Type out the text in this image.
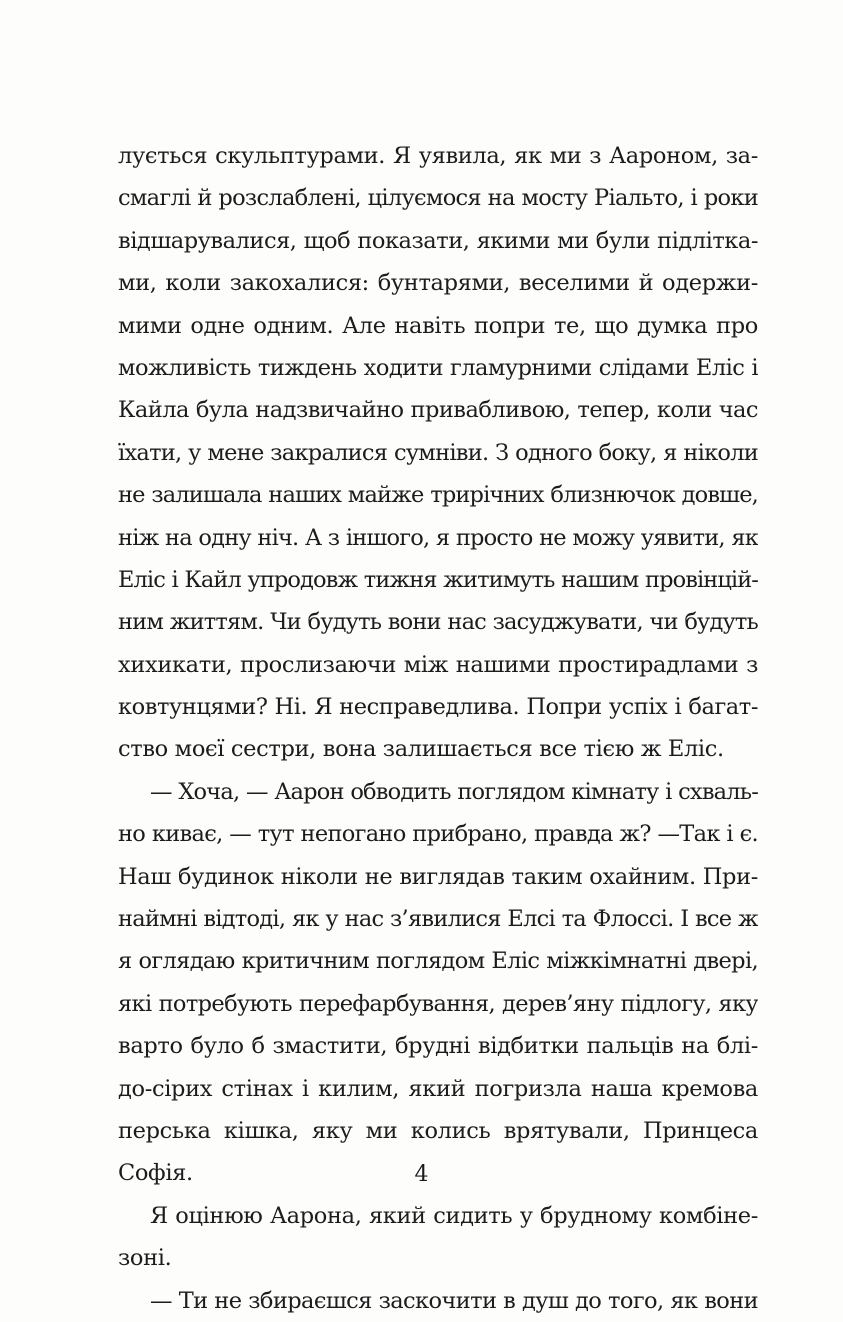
лується скульптурами. Я уявила, як ми з Аароном, за-
смаглі й розслаблені, цілуємося на мосту Ріальто, і роки
відшарувалися, щоб показати, якими ми були підлітка-
ми, коли закохалися: бунтарями, веселими й одержи-
мими одне одним. Але навіть попри те, що думка про
можливість тиждень ходити гламурними слідами Еліс і
Кайла була надзвичайно привабливою, тепер, коли час
їхати, у мене закралися сумніви. З одного боку, я ніколи
не залишала наших майже трирічних близнючок довше,
ніж на одну ніч. А з іншого, я просто не можу уявити, як
Еліс і Кайл упродовж тижня житимуть нашим провінцій-
ним життям. Чи будуть вони нас засуджувати, чи будуть
хихикати, прослизаючи між нашими простирадлами з
ковтунцями? Ні. Я несправедлива. Попри успіх і багат-
ство моєї сестри, вона залишається все тією ж Еліс.
— Хоча, — Аарон обводить поглядом кімнату і схваль-
но киває, — тут непогано прибрано, правда ж? —Так і є.
Наш будинок ніколи не виглядав таким охайним. При-
наймні відтоді, як у нас з’явилися Елсі та Флоссі. І все ж
я оглядаю критичним поглядом Еліс міжкімнатні двері,
які потребують перефарбування, дерев’яну підлогу, яку
варто було б змастити, брудні відбитки пальців на блі-
до-сірих стінах і килим, який погризла наша кремова
перська кішка, яку ми колись врятували, Принцеса
Софія.
Я оцінюю Аарона, який сидить у брудному комбіне-
зоні.
— Ти не збираєшся заскочити в душ до того, як вони
4
